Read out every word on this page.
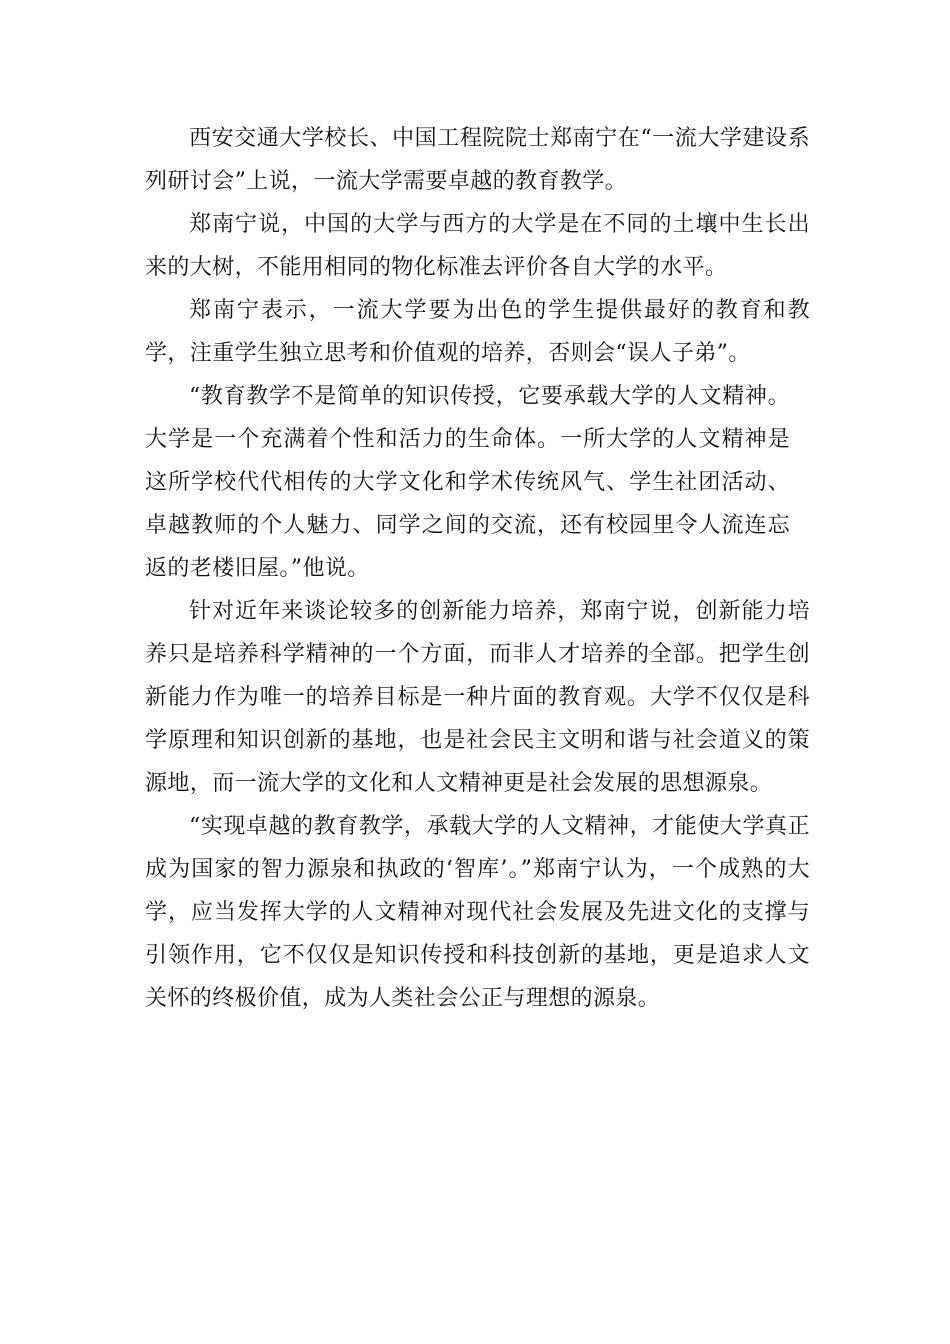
西安交通大学校长、中国工程院院士郑南宁在“一流大学建设系列研讨会”上说，一流大学需要卓越的教育教学。

郑南宁说，中国的大学与西方的大学是在不同的土壤中生长出来的大树，不能用相同的物化标准去评价各自大学的水平。

郑南宁表示，一流大学要为出色的学生提供最好的教育和教学，注重学生独立思考和价值观的培养，否则会“误人子弟”。

“教育教学不是简单的知识传授，它要承载大学的人文精神。大学是一个充满着个性和活力的生命体。一所大学的人文精神是这所学校代代相传的大学文化和学术传统风气、学生社团活动、卓越教师的个人魅力、同学之间的交流，还有校园里令人流连忘返的老楼旧屋。”他说。

针对近年来谈论较多的创新能力培养，郑南宁说，创新能力培养只是培养科学精神的一个方面，而非人才培养的全部。把学生创新能力作为唯一的培养目标是一种片面的教育观。大学不仅仅是科学原理和知识创新的基地，也是社会民主文明和谐与社会道义的策源地，而一流大学的文化和人文精神更是社会发展的思想源泉。

“实现卓越的教育教学，承载大学的人文精神，才能使大学真正成为国家的智力源泉和执政的‘智库’。”郑南宁认为，一个成熟的大学，应当发挥大学的人文精神对现代社会发展及先进文化的支撑与引领作用，它不仅仅是知识传授和科技创新的基地，更是追求人文关怀的终极价值，成为人类社会公正与理想的源泉。
